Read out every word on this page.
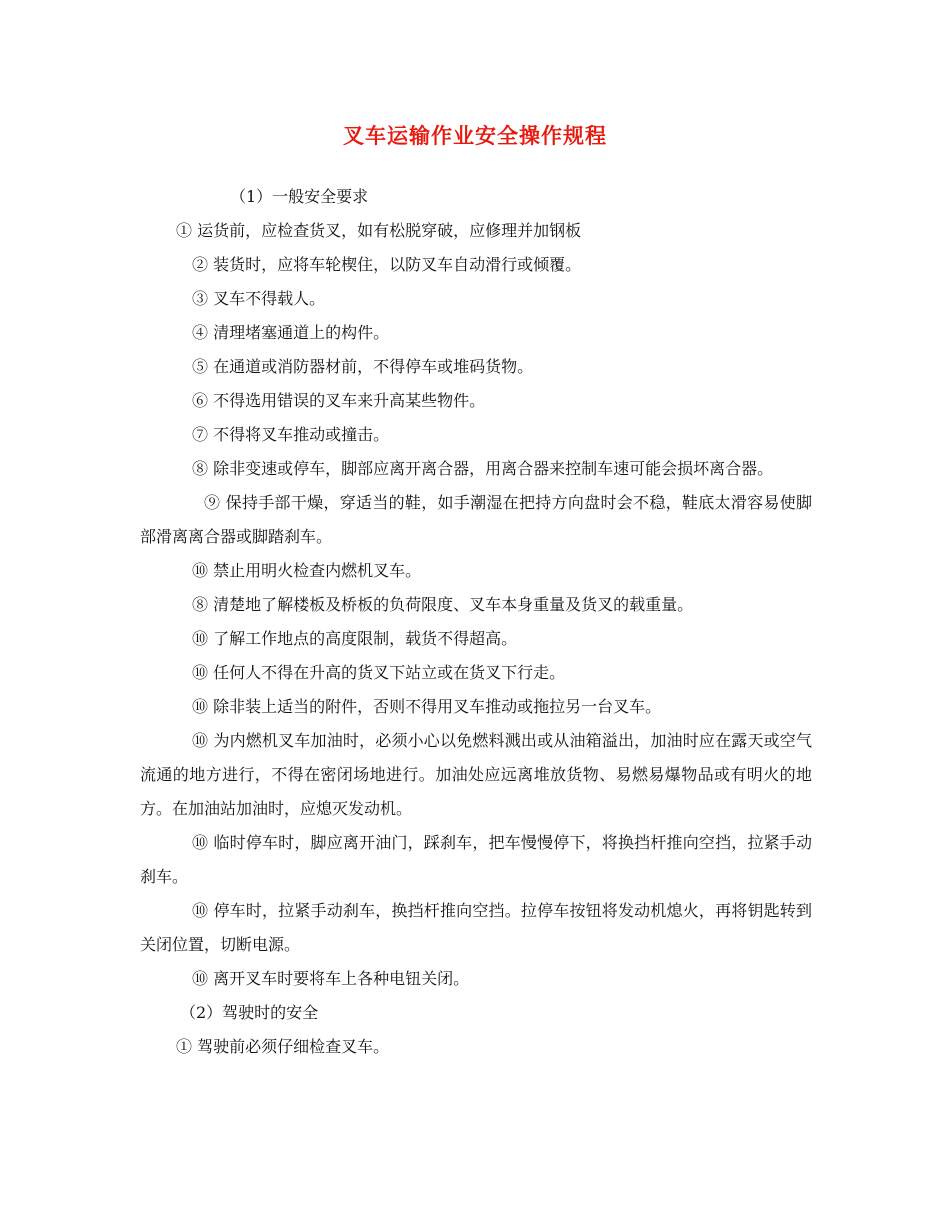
叉车运输作业安全操作规程
（1）一般安全要求
① 运货前，应检查货叉，如有松脱穿破，应修理并加钢板
② 装货时，应将车轮楔住，以防叉车自动滑行或倾覆。
③ 叉车不得载人。
④ 清理堵塞通道上的构件。
⑤ 在通道或消防器材前，不得停车或堆码货物。
⑥ 不得选用错误的叉车来升高某些物件。
⑦ 不得将叉车推动或撞击。
⑧ 除非变速或停车，脚部应离开离合器，用离合器来控制车速可能会损坏离合器。
⑨ 保持手部干燥，穿适当的鞋，如手潮湿在把持方向盘时会不稳，鞋底太滑容易使脚部滑离离合器或脚踏刹车。
⑩ 禁止用明火检查内燃机叉车。
⑧ 清楚地了解楼板及桥板的负荷限度、叉车本身重量及货叉的载重量。
⑩ 了解工作地点的高度限制，载货不得超高。
⑩ 任何人不得在升高的货叉下站立或在货叉下行走。
⑩ 除非装上适当的附件，否则不得用叉车推动或拖拉另一台叉车。
⑩ 为内燃机叉车加油时，必须小心以免燃料溅出或从油箱溢出，加油时应在露天或空气流通的地方进行，不得在密闭场地进行。加油处应远离堆放货物、易燃易爆物品或有明火的地方。在加油站加油时，应熄灭发动机。
⑩ 临时停车时，脚应离开油门，踩刹车，把车慢慢停下，将换挡杆推向空挡，拉紧手动刹车。
⑩ 停车时，拉紧手动刹车，换挡杆推向空挡。拉停车按钮将发动机熄火，再将钥匙转到关闭位置，切断电源。
⑩ 离开叉车时要将车上各种电钮关闭。
（2）驾驶时的安全
① 驾驶前必须仔细检查叉车。
